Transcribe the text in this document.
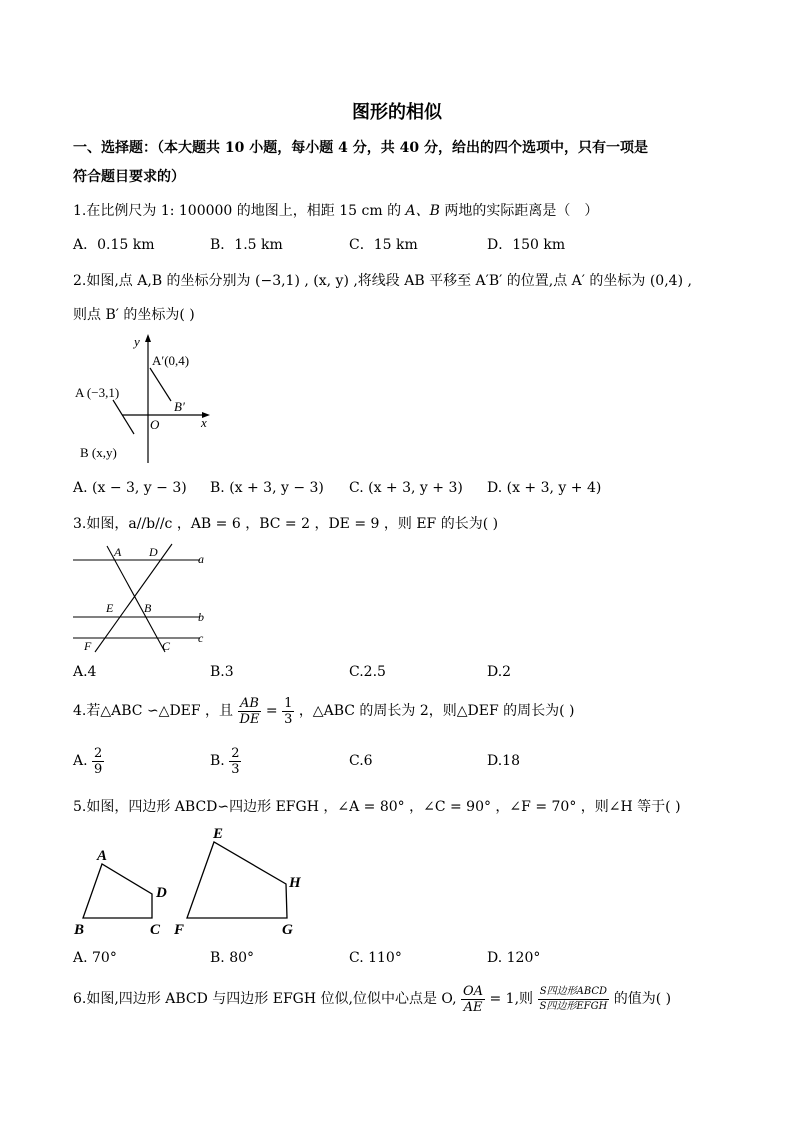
图形的相似
一、选择题：（本大题共 10 小题，每小题 4 分，共 40 分，给出的四个选项中，只有一项是
符合题目要求的）
1.在比例尺为 1: 100000 的地图上，相距 15 cm 的 A、B 两地的实际距离是（　）
A．0.15 km	B．1.5 km	C．15 km	D．150 km
2.如图,点 A,B 的坐标分别为 (−3,1) , (x, y) ,将线段 AB 平移至 A′B′ 的位置,点 A′ 的坐标为 (0,4) ,
则点 B′ 的坐标为( )
y
x
O
A′(0,4)
B′
A (−3,1)
B (x,y)
A. (x − 3, y − 3) B. (x + 3, y − 3) C. (x + 3, y + 3) D. (x + 3, y + 4)
3.如图，a//b//c ，AB = 6 ，BC = 2 ，DE = 9 ，则 EF 的长为( )
A D	a
E	B
b
F	C
c
A.4	B.3	C.2.5	D.2
4.若△ABC ∽△DEF ，且 $\frac{AB}{DE} = \frac{1}{3}$ ，△ABC 的周长为 2，则△DEF 的周长为( )
A. $\frac{2}{9}$	B. $\frac{2}{3}$	C.6	D.18
5.如图，四边形 ABCD∽四边形 EFGH ，∠A = 80° ，∠C = 90° ，∠F = 70° ，则∠H 等于( )
A
B	C
D
E
F	G
H
A. 70°	B. 80°	C. 110°	D. 120°
6.如图,四边形 ABCD 与四边形 EFGH 位似,位似中心点是 O, $\frac{OA}{AE} = 1$,则 $\frac{\text{S四边形ABCD}}{\text{S四边形EFGH}}$ 的值为( )
